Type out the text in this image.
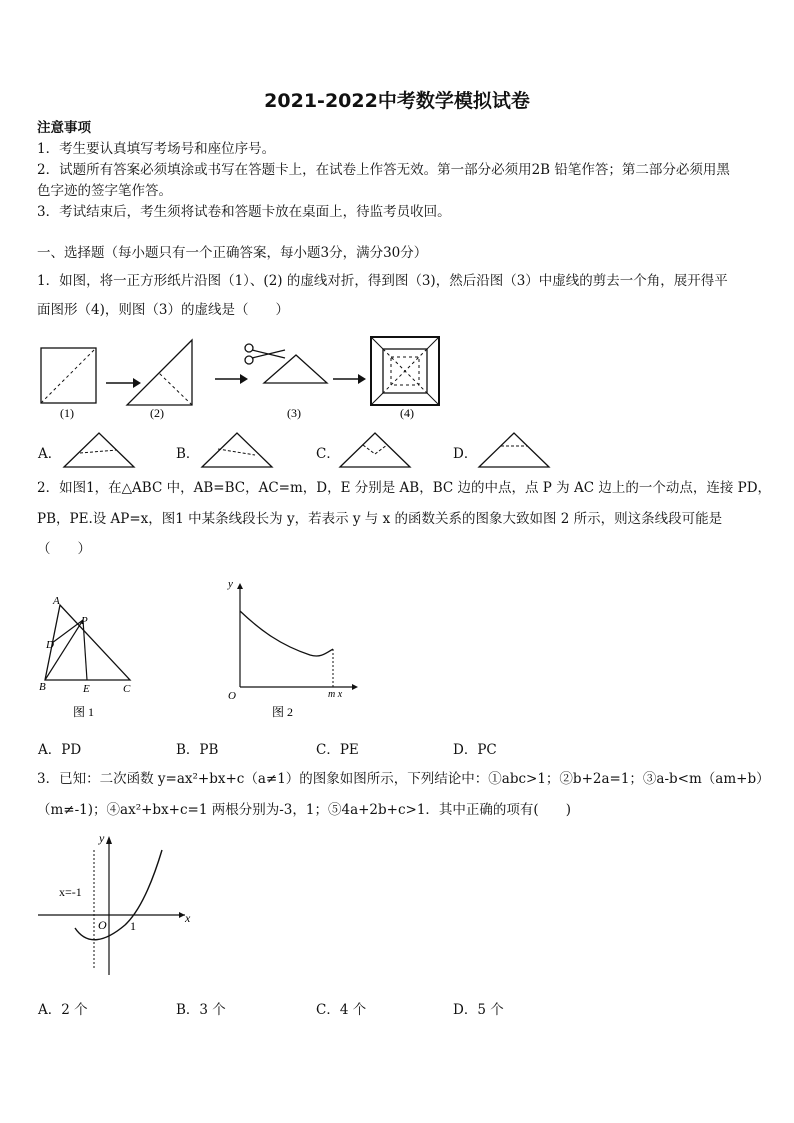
2021-2022中考数学模拟试卷
注意事项
1．考生要认真填写考场号和座位序号。
2．试题所有答案必须填涂或书写在答题卡上，在试卷上作答无效。第一部分必须用2B 铅笔作答；第二部分必须用黑
色字迹的签字笔作答。
3．考试结束后，考生须将试卷和答题卡放在桌面上，待监考员收回。
一、选择题（每小题只有一个正确答案，每小题3分，满分30分）
1．如图，将一正方形纸片沿图（1）、(2) 的虚线对折，得到图（3)，然后沿图（3）中虚线的剪去一个角，展开得平
面图形（4)，则图（3）的虚线是（　　）
(1)	(2)	(3)	(4)
A．	B．	C．	D．
2．如图1，在△ABC 中，AB=BC，AC=m，D，E 分别是 AB，BC 边的中点，点 P 为 AC 边上的一个动点，连接 PD，
PB，PE.设 AP=x，图1 中某条线段长为 y，若表示 y 与 x 的函数关系的图象大致如图 2 所示，则这条线段可能是
（　　）
A
P
D
B	E	C
图 1
y
O	m x
图 2
A．PD	B．PB	C．PE	D．PC
3．已知：二次函数 y=ax²+bx+c（a≠1）的图象如图所示，下列结论中：①abc>1；②b+2a=1；③a-b<m（am+b）
（m≠-1)；④ax²+bx+c=1 两根分别为-3，1；⑤4a+2b+c>1．其中正确的项有(　　)
y
x
x=-1
O 1
A．2 个	B．3 个	C．4 个	D．5 个
